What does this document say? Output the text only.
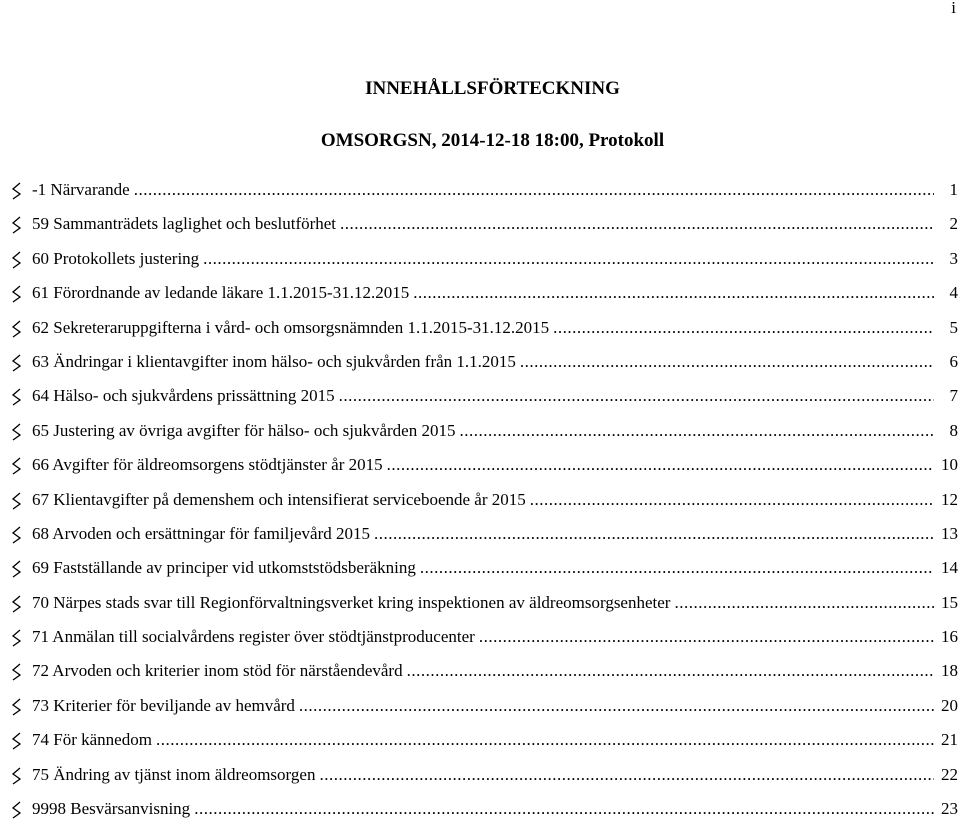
i
INNEHÅLLSFÖRTECKNING
OMSORGSN, 2014-12-18 18:00, Protokoll
-1 Närvarande .....	1
59 Sammanträdets laglighet och beslutförhet .....	2
60 Protokollets justering .....	3
61 Förordnande av ledande läkare 1.1.2015-31.12.2015 .....	4
62 Sekreteraruppgifterna i vård- och omsorgsnämnden 1.1.2015-31.12.2015 .....	5
63 Ändringar i klientavgifter inom hälso- och sjukvården från 1.1.2015 .....	6
64 Hälso- och sjukvårdens prissättning 2015 .....	7
65 Justering av övriga avgifter för hälso- och sjukvården 2015 .....	8
66 Avgifter för äldreomsorgens stödtjänster år 2015 .....	10
67 Klientavgifter på demenshem och intensifierat serviceboende år 2015 .....	12
68 Arvoden och ersättningar för familjevård 2015 .....	13
69 Fastställande av principer vid utkomststödsberäkning .....	14
70 Närpes stads svar till Regionförvaltningsverket kring inspektionen av äldreomsorgsenheter .....	15
71 Anmälan till socialvårdens register över stödtjänstproducenter .....	16
72 Arvoden och kriterier inom stöd för närståendevård .....	18
73 Kriterier för beviljande av hemvård .....	20
74 För kännedom .....	21
75 Ändring av tjänst inom äldreomsorgen .....	22
9998 Besvärsanvisning .....	23
